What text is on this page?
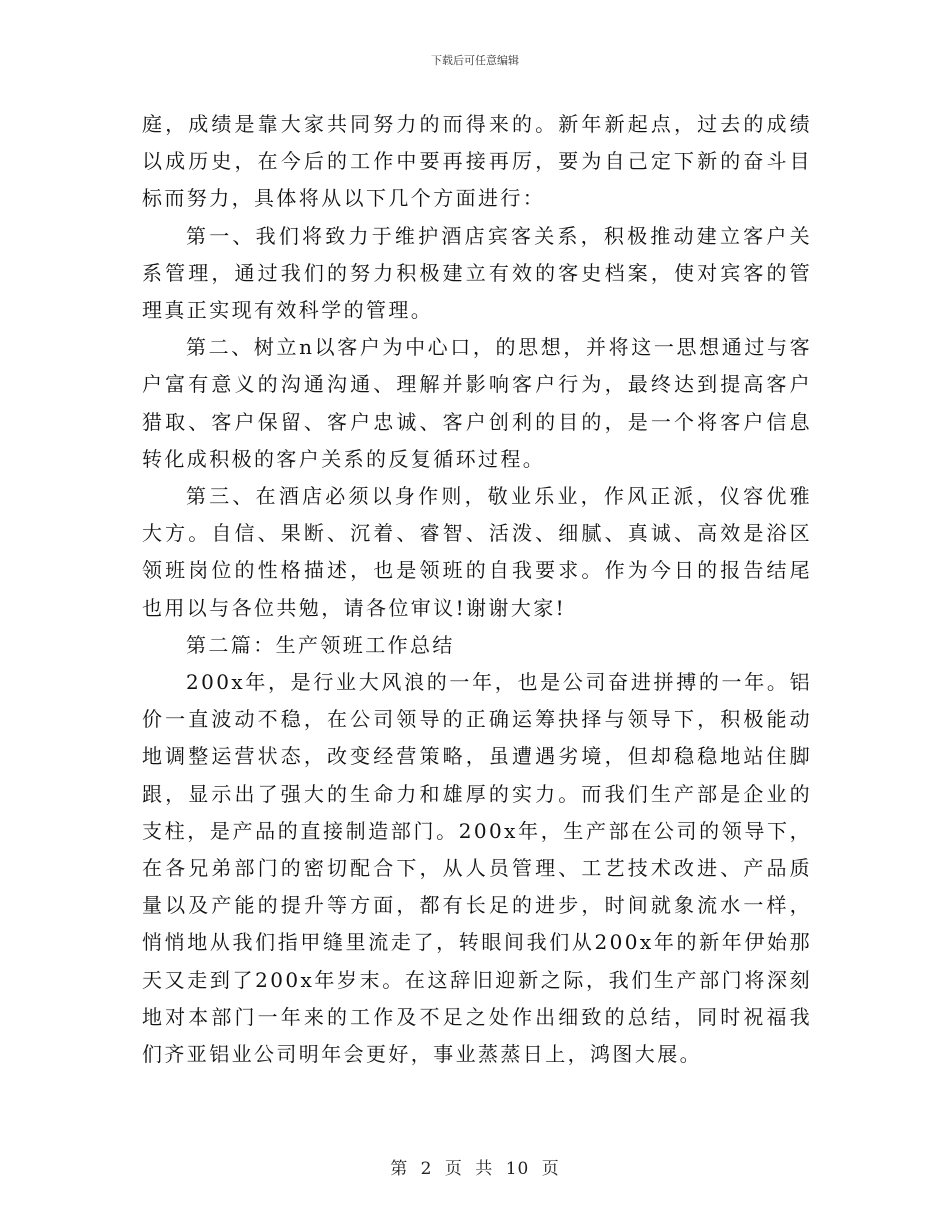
下载后可任意编辑

庭，成绩是靠大家共同努力的而得来的。新年新起点，过去的成绩以成历史，在今后的工作中要再接再厉，要为自己定下新的奋斗目标而努力，具体将从以下几个方面进行：

第一、我们将致力于维护酒店宾客关系，积极推动建立客户关系管理，通过我们的努力积极建立有效的客史档案，使对宾客的管理真正实现有效科学的管理。

第二、树立n以客户为中心口，的思想，并将这一思想通过与客户富有意义的沟通沟通、理解并影响客户行为，最终达到提高客户猎取、客户保留、客户忠诚、客户创利的目的，是一个将客户信息转化成积极的客户关系的反复循环过程。

第三、在酒店必须以身作则，敬业乐业，作风正派，仪容优雅大方。自信、果断、沉着、睿智、活泼、细腻、真诚、高效是浴区领班岗位的性格描述，也是领班的自我要求。作为今日的报告结尾也用以与各位共勉，请各位审议!谢谢大家!

第二篇：生产领班工作总结

200x年，是行业大风浪的一年，也是公司奋进拼搏的一年。铝价一直波动不稳，在公司领导的正确运筹抉择与领导下，积极能动地调整运营状态，改变经营策略，虽遭遇劣境，但却稳稳地站住脚跟，显示出了强大的生命力和雄厚的实力。而我们生产部是企业的支柱，是产品的直接制造部门。200x年，生产部在公司的领导下，在各兄弟部门的密切配合下，从人员管理、工艺技术改进、产品质量以及产能的提升等方面，都有长足的进步，时间就象流水一样，悄悄地从我们指甲缝里流走了，转眼间我们从200x年的新年伊始那天又走到了200x年岁末。在这辞旧迎新之际，我们生产部门将深刻地对本部门一年来的工作及不足之处作出细致的总结，同时祝福我们齐亚铝业公司明年会更好，事业蒸蒸日上，鸿图大展。

第 2 页 共 10 页
